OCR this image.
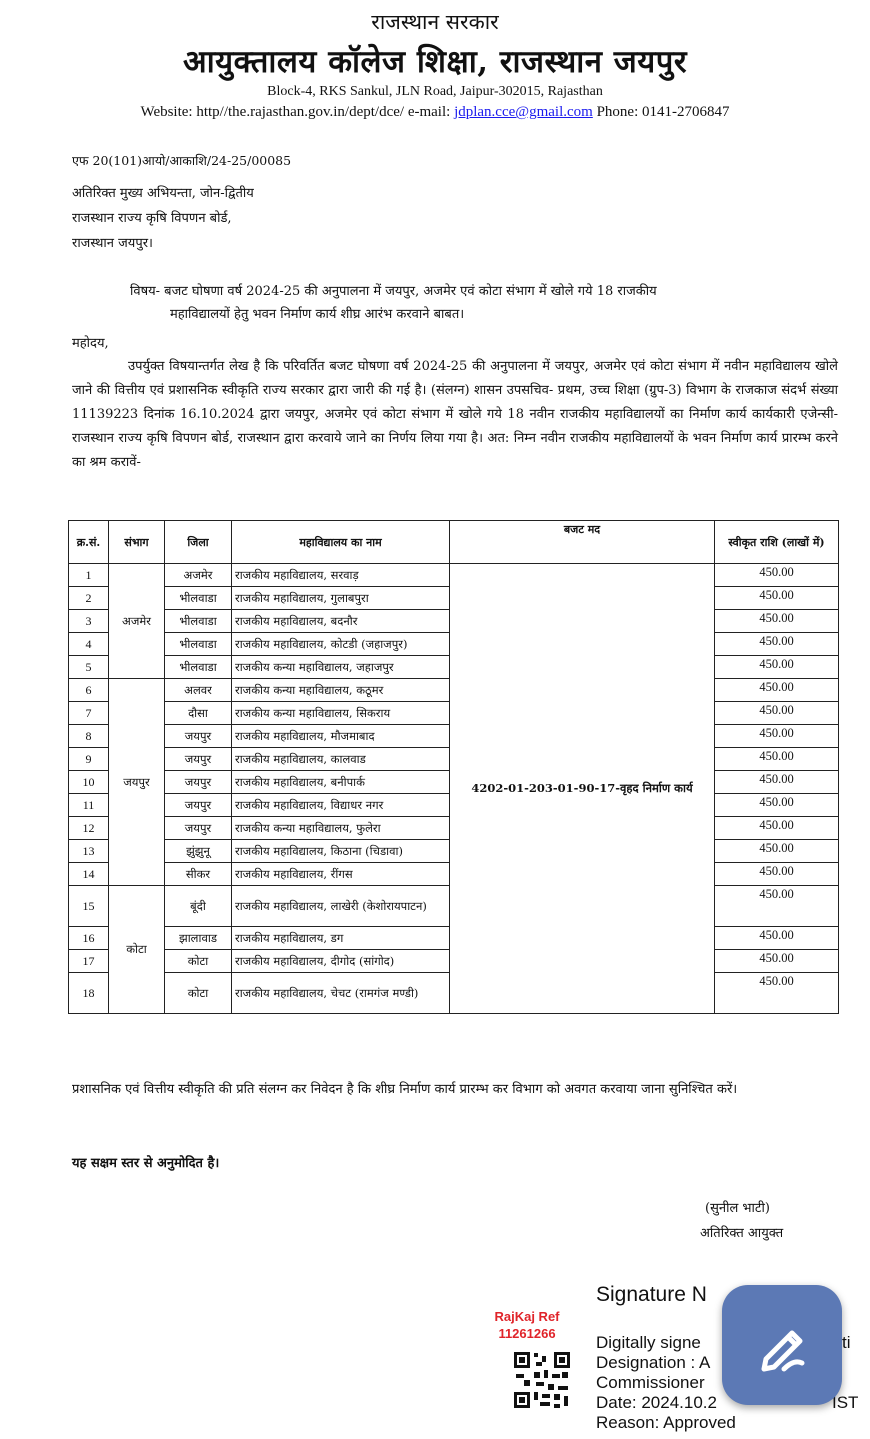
राजस्थान सरकार
आयुक्तालय कॉलेज शिक्षा, राजस्थान जयपुर
Block-4, RKS Sankul, JLN Road, Jaipur-302015, Rajasthan
Website: http//the.rajasthan.gov.in/dept/dce/ e-mail: jdplan.cce@gmail.com Phone: 0141-2706847
एफ 20(101)आयो/आकाशि/24-25/00085
अतिरिक्त मुख्य अभियन्ता, जोन-द्वितीय
राजस्थान राज्य कृषि विपणन बोर्ड,
राजस्थान जयपुर।
विषय- बजट घोषणा वर्ष 2024-25 की अनुपालना में जयपुर, अजमेर एवं कोटा संभाग में खोले गये 18 राजकीय
महाविद्यालयों हेतु भवन निर्माण कार्य शीघ्र आरंभ करवाने बाबत।
महोदय,
उपर्युक्त विषयान्तर्गत लेख है कि परिवर्तित बजट घोषणा वर्ष 2024-25 की अनुपालना में जयपुर, अजमेर एवं कोटा संभाग में नवीन महाविद्यालय खोले जाने की वित्तीय एवं प्रशासनिक स्वीकृति राज्य सरकार द्वारा जारी की गई है। (संलग्न) शासन उपसचिव- प्रथम, उच्च शिक्षा (ग्रुप-3) विभाग के राजकाज संदर्भ संख्या 11139223 दिनांक 16.10.2024 द्वारा जयपुर, अजमेर एवं कोटा संभाग में खोले गये 18 नवीन राजकीय महाविद्यालयों का निर्माण कार्य कार्यकारी एजेन्सी- राजस्थान राज्य कृषि विपणन बोर्ड, राजस्थान द्वारा करवाये जाने का निर्णय लिया गया है। अत: निम्न नवीन राजकीय महाविद्यालयों के भवन निर्माण कार्य प्रारम्भ करने का श्रम करावें-
क्र.सं.	संभाग	जिला	महाविद्यालय का नाम	बजट मद	स्वीकृत राशि (लाखों में)
1	अजमेर	अजमेर	राजकीय महाविद्यालय, सरवाड़	4202-01-203-01-90-17-वृहद निर्माण कार्य	450.00
2		भीलवाडा	राजकीय महाविद्यालय, गुलाबपुरा		450.00
3		भीलवाडा	राजकीय महाविद्यालय, बदनौर		450.00
4		भीलवाडा	राजकीय महाविद्यालय, कोटडी (जहाजपुर)		450.00
5		भीलवाडा	राजकीय कन्या महाविद्यालय, जहाजपुर		450.00
6	जयपुर	अलवर	राजकीय कन्या महाविद्यालय, कठूमर		450.00
7		दौसा	राजकीय कन्या महाविद्यालय, सिकराय		450.00
8		जयपुर	राजकीय महाविद्यालय, मौजमाबाद		450.00
9		जयपुर	राजकीय महाविद्यालय, कालवाड		450.00
10		जयपुर	राजकीय महाविद्यालय, बनीपार्क		450.00
11		जयपुर	राजकीय महाविद्यालय, विद्याधर नगर		450.00
12		जयपुर	राजकीय कन्या महाविद्यालय, फुलेरा		450.00
13		झुंझुनू	राजकीय महाविद्यालय, किठाना (चिडावा)		450.00
14		सीकर	राजकीय महाविद्यालय, रींगस		450.00
15	कोटा	बूंदी	राजकीय महाविद्यालय, लाखेरी (केशोरायपाटन)		450.00
16		झालावाड	राजकीय महाविद्यालय, डग		450.00
17		कोटा	राजकीय महाविद्यालय, दीगोद (सांगोद)		450.00
18		कोटा	राजकीय महाविद्यालय, चेचट (रामगंज मण्डी)		450.00
प्रशासनिक एवं वित्तीय स्वीकृति की प्रति संलग्न कर निवेदन है कि शीघ्र निर्माण कार्य प्रारम्भ कर विभाग को अवगत करवाया जाना सुनिश्चित करें।
यह सक्षम स्तर से अनुमोदित है।
(सुनील भाटी)
अतिरिक्त आयुक्त
Signature N
Digitally signe	ti
Designation : A
Commissioner
Date: 2024.10.2	IST
Reason: Approved
RajKaj Ref
11261266
